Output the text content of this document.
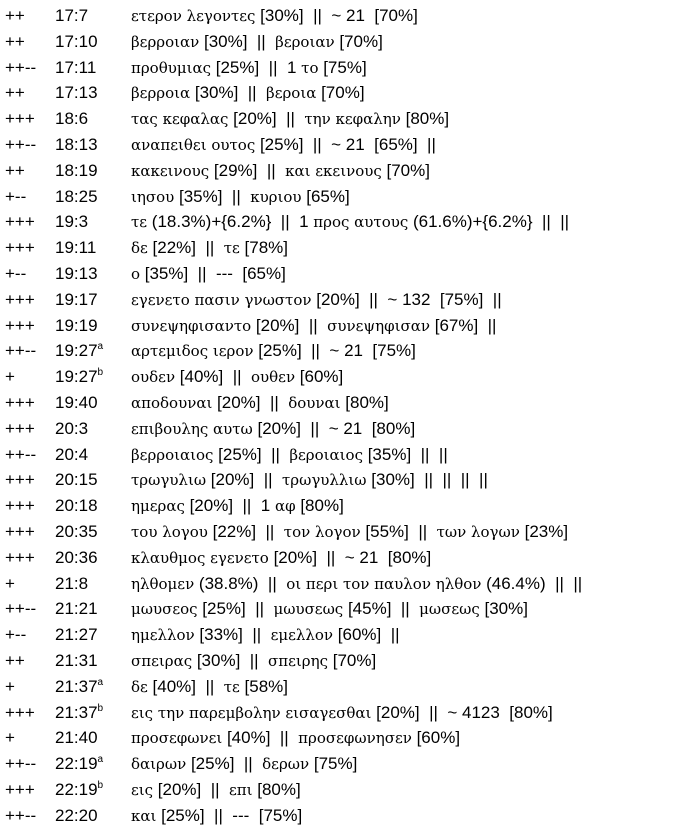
++ 17:7	ετερον λεγοντες [30%]  ||  ~ 21  [70%]
++ 17:10 βερροιαν [30%]  ||  βεροιαν [70%]
++-- 17:11 προθυμιας [25%]  ||  1 το [75%]
++ 17:13 βερροια [30%]  ||  βεροια [70%]
+++ 18:6	τας κεφαλας [20%]  ||  την κεφαλην [80%]
++-- 18:13 αναπειθει ουτος [25%]  ||  ~ 21  [65%]  ||
++ 18:19 κακεινους [29%]  ||  και εκεινους [70%]
+-- 18:25 ιησου [35%]  ||  κυριου [65%]
+++ 19:3	τε (18.3%)+{6.2%}  ||  1 προς αυτους (61.6%)+{6.2%}  ||  ||
+++ 19:11 δε [22%]  ||  τε [78%]
+-- 19:13 ο [35%]  ||  ---  [65%]
+++ 19:17 εγενετο πασιν γνωστον [20%]  ||  ~ 132  [75%]  ||
+++ 19:19 συνεψηφισαντο [20%]  ||  συνεψηφισαν [67%]  ||
++-- 19:27$^a$ αρτεμιδος ιερον [25%]  ||  ~ 21  [75%]
+ $19:27^b$ ουδεν [40%]  ||  ουθεν [60%]
+++ 19:40 αποδουναι [20%]  ||  δουναι [80%]
+++ 20:3	επιβουλης αυτω [20%]  ||  ~ 21  [80%]
++-- 20:4	βερροιαιος [25%]  ||  βεροιαιος [35%]  ||  ||
+++ 20:15 τρωγυλιω [20%]  ||  τρωγυλλιω [30%]  ||  ||  ||  ||
+++ 20:18 ημερας [20%]  ||  1 αφ [80%]
+++ 20:35 του λογου [22%]  ||  τον λογον [55%]  ||  των λογων [23%]
+++ 20:36 κλαυθμος εγενετο [20%]  ||  ~ 21  [80%]
+ 21:8	ηλθομεν (38.8%)  ||  οι περι τον παυλον ηλθον (46.4%)  ||  ||
++-- 21:21 μωυσεος [25%]  ||  μωυσεως [45%]  ||  μωσεως [30%]
+-- 21:27 ημελλον [33%]  ||  εμελλον [60%]  ||
++ 21:31 σπειρας [30%]  ||  σπειρης [70%]
+ $21:37^a$ δε [40%]  ||  τε [58%]
+++ $21:37^b$ εις την παρεμβολην εισαγεσθαι [20%]  ||  ~ 4123  [80%]
+ 21:40 προσεφωνει [40%]  ||  προσεφωνησεν [60%]
++-- 22:19$^a$ δαιρων [25%]  ||  δερων [75%]
+++ $22:19^b$ εις [20%]  ||  επι [80%]
++-- 22:20 και [25%]  ||  ---  [75%]
